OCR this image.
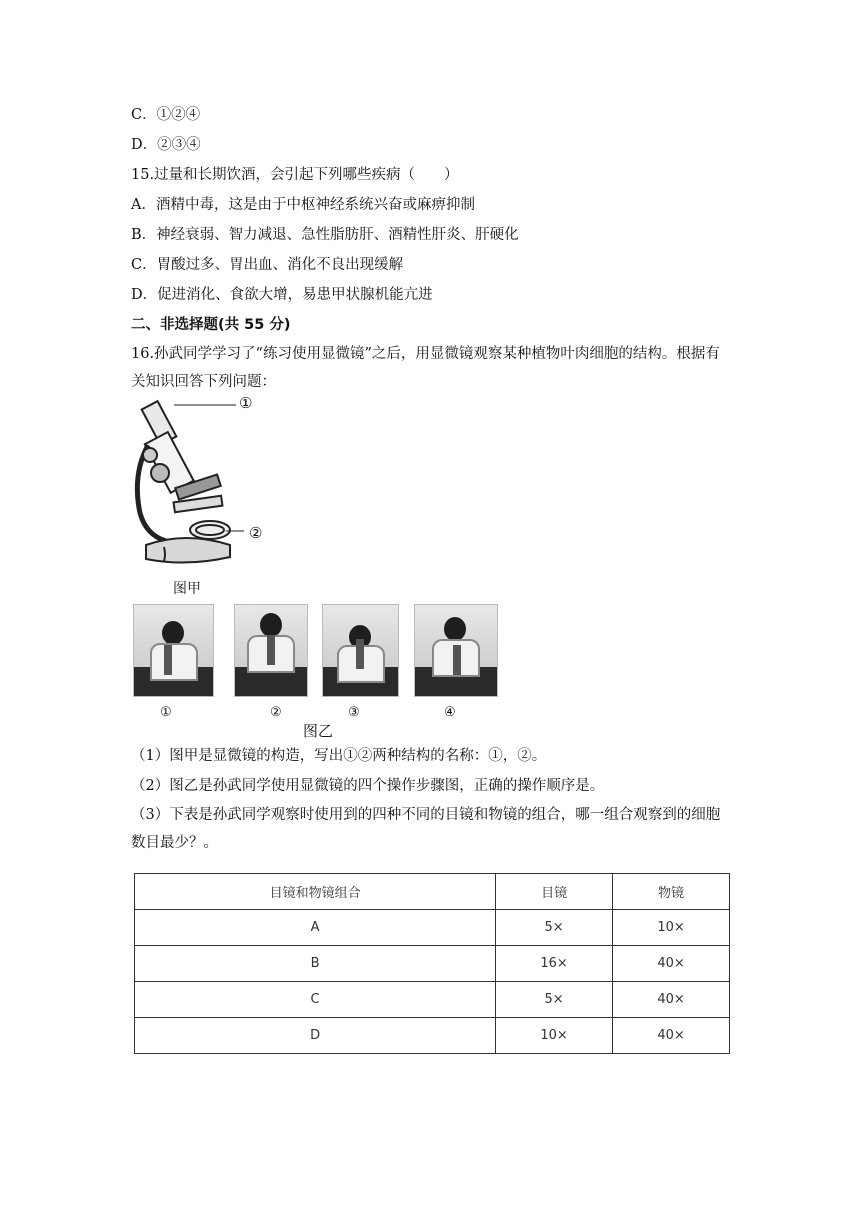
C．①②④
D．②③④
15.过量和长期饮酒，会引起下列哪些疾病（　　）
A．酒精中毒，这是由于中枢神经系统兴奋或麻痹抑制
B．神经衰弱、智力减退、急性脂肪肝、酒精性肝炎、肝硬化
C．胃酸过多、胃出血、消化不良出现缓解
D．促进消化、食欲大增，易患甲状腺机能亢进
二、非选择题(共 55 分)
16.孙武同学学习了“练习使用显微镜”之后，用显微镜观察某种植物叶肉细胞的结构。根据有关知识回答下列问题：
①
②
图甲
①	②	③	④
图乙
（1）图甲是显微镜的构造，写出①②两种结构的名称：①，②。
（2）图乙是孙武同学使用显微镜的四个操作步骤图，正确的操作顺序是。
（3）下表是孙武同学观察时使用到的四种不同的目镜和物镜的组合，哪一组合观察到的细胞数目最少？。
目镜和物镜组合	目镜	物镜
A	5×	10×
B	16×	40×
C	5×	40×
D	10×	40×
